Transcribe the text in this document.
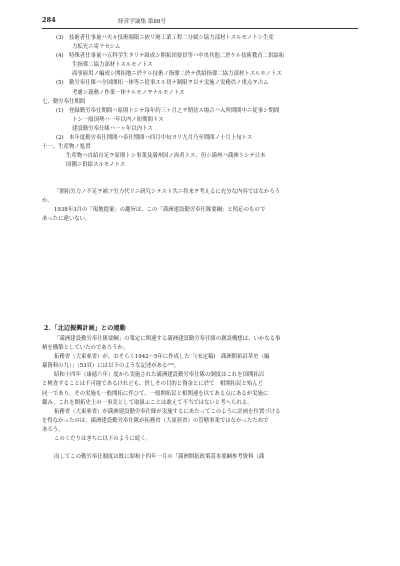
284	経営学論集 第88号
(3)　技術者仕事量ハ夫々技術制限ニ依リ廃工業工程二分属シ協力部材トスルモノトシ生産
力拡充ニ寄ラセシム
(4)　特殊者仕事量ハ五科学生タリテ組成シ開拓団要員等ハ中央其他二於ケル技術教育二供給拓
生指導二協力部材トスルモノトス
商事雇用ノ編成シ開拓地ニ於ケル技術ノ指導二於テ供給指導二協力部材トスルモノトス
(5)　勤労奉仕隊ハ全国開拓一体等ニ従事スル切ナ制限ヲ以テ実施ノ実務員ノ重点ヲ占ム
考慮シ義務ノ作業一体ナルモノヲナルモノトス
七、勤労奉仕期間
(1)　登録勤労奉仕期間ハ原則トシテ毎年約三ヶ月之ヲ期待ス場合ハ入所期間中ニ従事シ期間
トシ一般国勢ハ一年以内ノ短期間トス
建設勤労奉仕隊ハ一ヶ年以内トス
(2)　本年度勤労奉仕期間ハ奉仕期間ハ四月中旬ヨリ九月乃至期間ノ十月上旬トス
十一、生産物ノ処置
生産物ハ自給自足ヲ原則トシ事業及満州国ノ両者トス、但シ満州ハ満洲トシテ日本
国側ニ供給スルモノトス
「開拓労力ノ不足ヲ補フ労力代リニ研究シテスト共ニ将来ヲ考えるに充分な内容ではなかろう
か。
1938年3月の「現地提案」の趣旨は、この「満洲建設勤労奉仕隊要綱」と照応のもので
あったに違いない。
2．「北辺振興計画」との連動
「満洲建設勤労奉仕隊要綱」の策定に関連する満洲建設勤労奉仕隊の創設構想は、いかなる事
柄を構築としていたのであろうか。
拓務省（大東亜省）が、おそらく1942～5年に作成した「(未定稿)　満洲開拓沿革史（編
纂資料の九）」（53頁）には以下のような記述がある⁽¹⁵⁾。
昭和十四年（康徳六年）度から実施された満洲建設勤労奉仕隊の制度はこれを国開拓以
と検査することは不可能であるけれども、併しその目的と資金とに於て　相開拓民と殆んど
同一であり、その実施も一般開拓に伴ひて、一般開拓民と相関連を以てある点にあるが実施に
鑑み、これを開拓史上の一事実として取扱ふことは敢えて不当ではないと考へられる。
拓務省（大東亜省）が満洲建設勤労奉仕隊が実施するにあたってこのように計画を位置づける
を得なかったのは、満洲建設勤労奉仕隊が拓務省（大東亜省）の管轄事業ではなかったためで
あろう。
このくだりはきちに以下のように続く。
而してこの勤労奉仕制度は既に昭和十四年一月の「満洲開拓政策基本要綱参考資料（満
